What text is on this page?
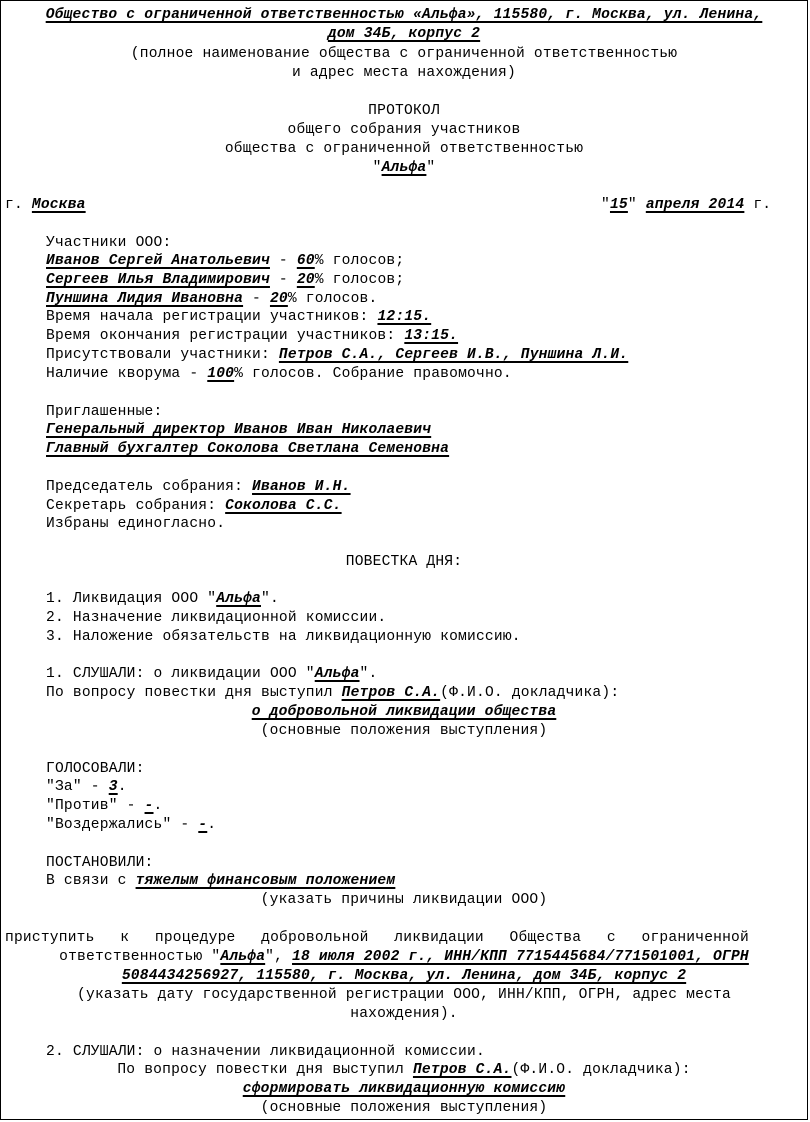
Общество с ограниченной ответственностью «Альфа», 115580, г. Москва, ул. Ленина,
дом 34Б, корпус 2
(полное наименование общества с ограниченной ответственностью
и адрес места нахождения)
ПРОТОКОЛ
общего собрания участников
общества с ограниченной ответственностью
"Альфа"
г. Москва	"15" апреля 2014 г.
Участники ООО:
Иванов Сергей Анатольевич - 60% голосов;
Сергеев Илья Владимирович - 20% голосов;
Пуншина Лидия Ивановна - 20% голосов.
Время начала регистрации участников: 12:15.
Время окончания регистрации участников: 13:15.
Присутствовали участники: Петров С.А., Сергеев И.В., Пуншина Л.И.
Наличие кворума - 100% голосов. Собрание правомочно.
Приглашенные:
Генеральный директор Иванов Иван Николаевич
Главный бухгалтер Соколова Светлана Семеновна
Председатель собрания: Иванов И.Н.
Секретарь собрания: Соколова С.С.
Избраны единогласно.
ПОВЕСТКА ДНЯ:
1. Ликвидация ООО "Альфа".
2. Назначение ликвидационной комиссии.
3. Наложение обязательств на ликвидационную комиссию.
1. СЛУШАЛИ: о ликвидации ООО "Альфа".
По вопросу повестки дня выступил Петров С.А.(Ф.И.О. докладчика):
о добровольной ликвидации общества
(основные положения выступления)
ГОЛОСОВАЛИ:
"За" - 3.
"Против" - -.
"Воздержались" - -.
ПОСТАНОВИЛИ:
В связи с тяжелым финансовым положением
(указать причины ликвидации ООО)
приступить к процедуре добровольной ликвидации Общества с ограниченной
ответственностью "Альфа", 18 июля 2002 г., ИНН/КПП 7715445684/771501001, ОГРН
5084434256927, 115580, г. Москва, ул. Ленина, дом 34Б, корпус 2
(указать дату государственной регистрации ООО, ИНН/КПП, ОГРН, адрес места
нахождения).
2. СЛУШАЛИ: о назначении ликвидационной комиссии.
По вопросу повестки дня выступил Петров С.А.(Ф.И.О. докладчика):
сформировать ликвидационную комиссию
(основные положения выступления)
